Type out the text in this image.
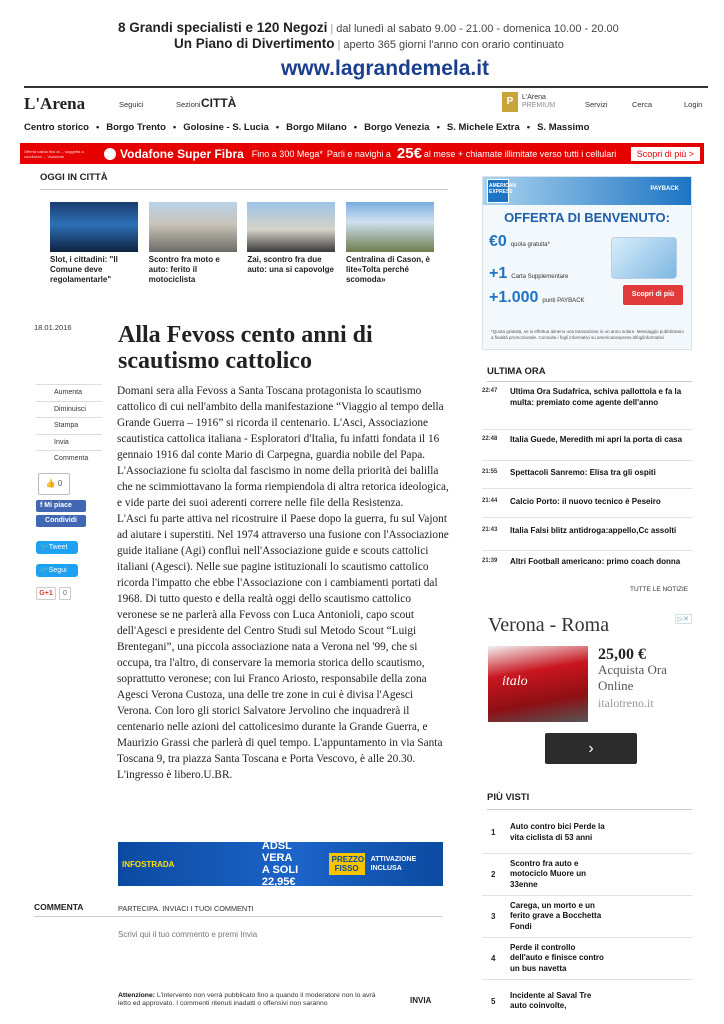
8 Grandi specialisti e 120 Negozi | dal lunedì al sabato 9.00 - 21.00 - domenica 10.00 - 20.00
Un Piano di Divertimento | aperto 365 giorni l'anno con orario continuato
www.lagrandemela.it
L'Arena	Seguici	Sezioni CITTÀ	P	L'Arena
PREMIUM	Servizi	Cerca	Login
Centro storico • Borgo Trento • Golosine - S. Lucia • Borgo Milano • Borgo Venezia • S. Michele Extra • S. Massimo
Offerta valida fino al ... soggetta a condizioni ... Vodafone	Vodafone Super Fibra Fino a 300 Mega* Parli e navighi a 25€ al mese + chiamate illimitate verso tutti i cellulari	Scopri di più >
OGGI IN CITTÀ
Slot, i cittadini: "Il Comune deve regolamentarle"
Scontro fra moto e auto: ferito il motociclista
Zai, scontro fra due auto: una si capovolge
Centralina di Cason, è lite«Tolta perché scomoda»
18.01.2016 Alla Fevoss cento anni di scautismo cattolico
Aumenta
Diminuisci
Stampa
Invia
Commenta
👍 0
f Mi piace
Condividi
🐦Tweet
🐦Segui
G+1	0

Domani sera alla Fevoss a Santa Toscana protagonista lo scautismo cattolico di cui nell'ambito della manifestazione “Viaggio al tempo della Grande Guerra – 1916” si ricorda il centenario. L'Asci, Associazione scautistica cattolica italiana - Esploratori d'Italia, fu infatti fondata il 16 gennaio 1916 dal conte Mario di Carpegna, guardia nobile del Papa. L'Associazione fu sciolta dal fascismo in nome della priorità dei balilla che ne scimmiottavano la forma riempiendola di altra retorica ideologica, e vide parte dei suoi aderenti correre nelle file della Resistenza.

L'Asci fu parte attiva nel ricostruire il Paese dopo la guerra, fu sul Vajont ad aiutare i superstiti. Nel 1974 attraverso una fusione con l'Associazione guide italiane (Agi) confluì nell'Associazione guide e scouts cattolici italiani (Agesci). Nelle sue pagine istituzionali lo scautismo cattolico ricorda l'impatto che ebbe l'Associazione con i cambiamenti portati dal 1968. Di tutto questo e della realtà oggi dello scautismo cattolico veronese se ne parlerà alla Fevoss con Luca Antonioli, capo scout dell'Agesci e presidente del Centro Studi sul Metodo Scout “Luigi Brentegani”, una piccola associazione nata a Verona nel '99, che si occupa, tra l'altro, di conservare la memoria storica dello scautismo, soprattutto veronese; con lui Franco Ariosto, responsabile della zona Agesci Verona Custoza, una delle tre zone in cui è divisa l'Agesci Verona. Con loro gli storici Salvatore Jervolino che inquadrerà il centenario nelle azioni del cattolicesimo durante la Grande Guerra, e Maurizio Grassi che parlerà di quel tempo. L'appuntamento in via Santa Toscana 9, tra piazza Santa Toscana e Porta Vescovo, è alle 20.30. L'ingresso è libero.U.BR.

INFOSTRADA
ADSL VERA
A SOLI 22,95€
PREZZO FISSO
ATTIVAZIONE INCLUSA
COMMENTA	PARTECIPA. INVIACI I TUOI COMMENTI
Scrivi qui il tuo commento e premi Invia
Attenzione: L'intervento non verrà pubblicato fino a quando il moderatore non lo avrà letto ed approvato. I commenti ritenuti inadatti o offensivi non saranno	INVIA
AMERICAN EXPRESS	PAYBACK
OFFERTA DI BENVENUTO:
€0 quota gratuita*
+1 Carta Supplementare
+1.000 punti PAYBACK
Scopri di più
*Quota gratuita, se si effettua almeno una transazione in un anno solare. Messaggio pubblicitario a finalità promozionale. Consulta i fogli informativi su americanexpress.it/foglinformativi
ULTIMA ORA
22:47	Ultima Ora Sudafrica, schiva pallottola e fa la multa: premiato come agente dell'anno
22:48	Italia Guede, Meredith mi apri la porta di casa
21:55	Spettacoli Sanremo: Elisa tra gli ospiti
21:44	Calcio Porto: il nuovo tecnico è Peseiro
21:43	Italia Falsi blitz antidroga:appello,Cc assolti
21:39	Altri Football americano: primo coach donna
TUTTE LE NOTIZIE
▷✕
Verona - Roma
italo
25,00 €
Acquista Ora Online
italotreno.it
›
PIÙ VISTI
1
Auto contro bici Perde la vita ciclista di 53 anni
2
Scontro fra auto e motociclo Muore un 33enne
3
Carega, un morto e un ferito grave a Bocchetta Fondi
4
Perde il controllo dell'auto e finisce contro un bus navetta
5
Incidente al Saval Tre auto coinvolte,
